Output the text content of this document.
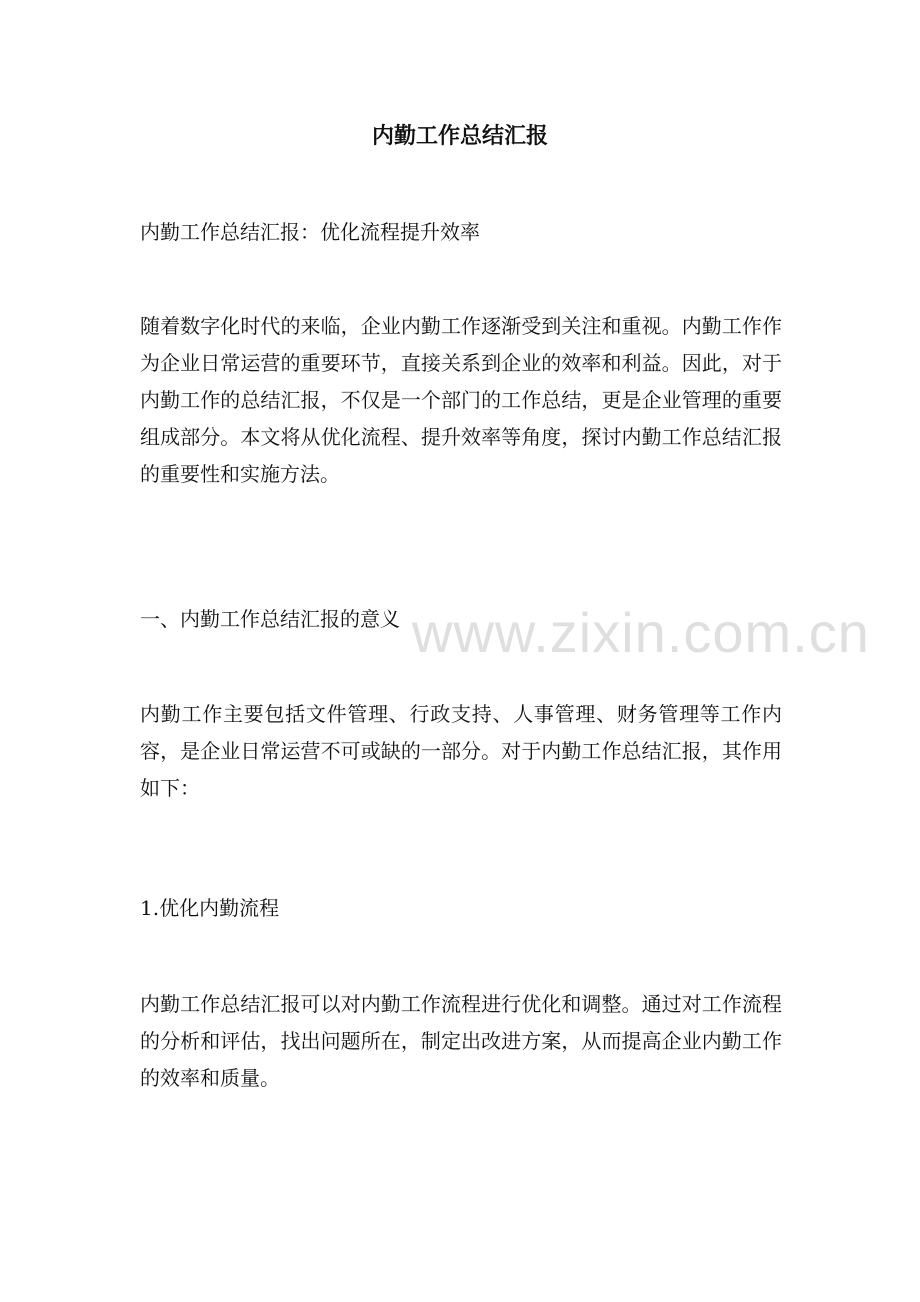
内勤工作总结汇报
内勤工作总结汇报：优化流程提升效率
随着数字化时代的来临，企业内勤工作逐渐受到关注和重视。内勤工作作为企业日常运营的重要环节，直接关系到企业的效率和利益。因此，对于内勤工作的总结汇报，不仅是一个部门的工作总结，更是企业管理的重要组成部分。本文将从优化流程、提升效率等角度，探讨内勤工作总结汇报的重要性和实施方法。
一、内勤工作总结汇报的意义
内勤工作主要包括文件管理、行政支持、人事管理、财务管理等工作内容，是企业日常运营不可或缺的一部分。对于内勤工作总结汇报，其作用如下：
1.优化内勤流程
内勤工作总结汇报可以对内勤工作流程进行优化和调整。通过对工作流程的分析和评估，找出问题所在，制定出改进方案，从而提高企业内勤工作的效率和质量。
www.zixin.com.cn
